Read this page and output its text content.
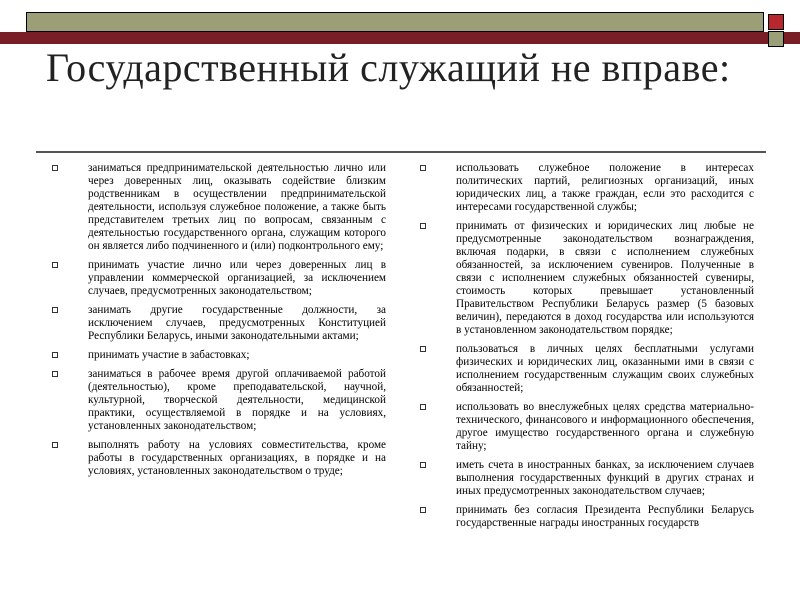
Государственный служащий не вправе:
заниматься предпринимательской деятельностью лично или через доверенных лиц, оказывать содействие близким родственникам в осуществлении предпринимательской деятельности, используя служебное положение, а также быть представителем третьих лиц по вопросам, связанным с деятельностью государственного органа, служащим которого он является либо подчиненного и (или) подконтрольного ему;
принимать участие лично или через доверенных лиц в управлении коммерческой организацией, за исключением случаев, предусмотренных законодательством;
занимать другие государственные должности, за исключением случаев, предусмотренных Конституцией Республики Беларусь, иными законодательными актами;
принимать участие в забастовках;
заниматься в рабочее время другой оплачиваемой работой (деятельностью), кроме преподавательской, научной, культурной, творческой деятельности, медицинской практики, осуществляемой в порядке и на условиях, установленных законодательством;
выполнять работу на условиях совместительства, кроме работы в государственных организациях, в порядке и на условиях, установленных законодательством о труде;
использовать служебное положение в интересах политических партий, религиозных организаций, иных юридических лиц, а также граждан, если это расходится с интересами государственной службы;
принимать от физических и юридических лиц любые не предусмотренные законодательством вознаграждения, включая подарки, в связи с исполнением служебных обязанностей, за исключением сувениров. Полученные в связи с исполнением служебных обязанностей сувениры, стоимость которых превышает установленный Правительством Республики Беларусь размер (5 базовых величин), передаются в доход государства или используются в установленном законодательством порядке;
пользоваться в личных целях бесплатными услугами физических и юридических лиц, оказанными ими в связи с исполнением государственным служащим своих служебных обязанностей;
использовать во внеслужебных целях средства материально-технического, финансового и информационного обеспечения, другое имущество государственного органа и служебную тайну;
иметь счета в иностранных банках, за исключением случаев выполнения государственных функций в других странах и иных предусмотренных законодательством случаев;
принимать без согласия Президента Республики Беларусь государственные награды иностранных государств
